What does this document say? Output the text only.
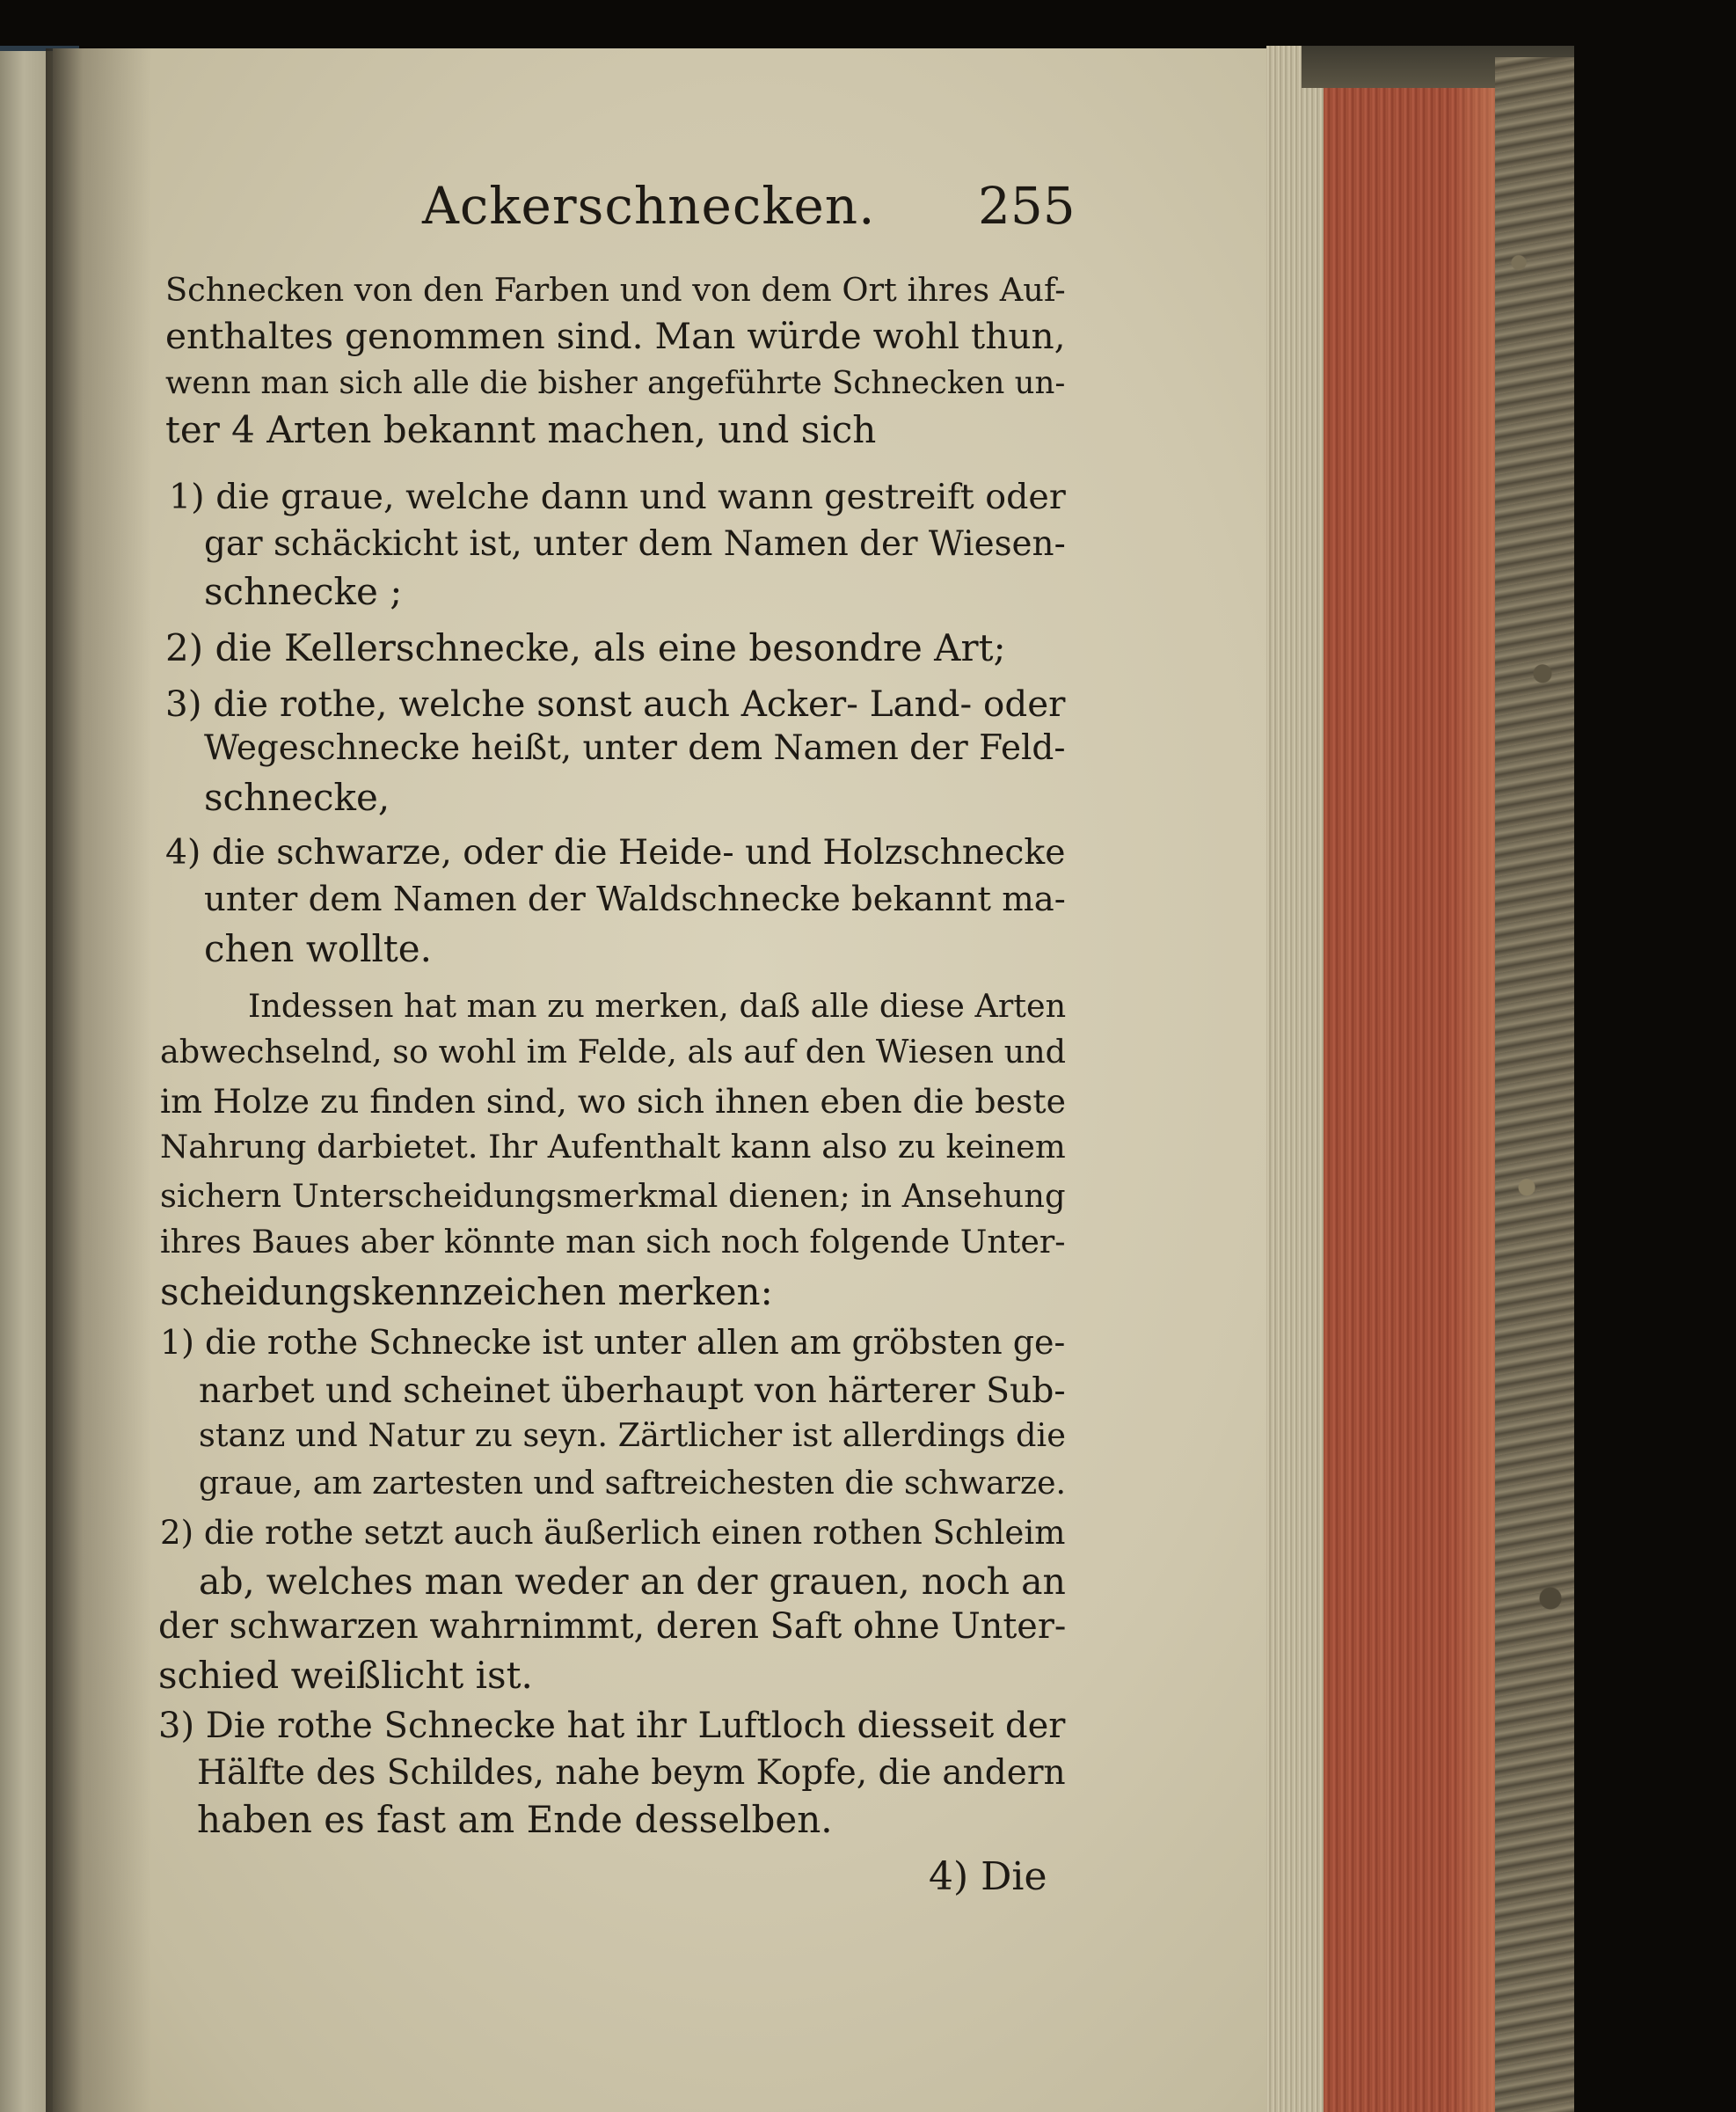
Ackerschnecken. 255
Schnecken von den Farben und von dem Ort ihres Auf-
enthaltes genommen sind. Man würde wohl thun,
wenn man sich alle die bisher angeführte Schnecken un-
ter 4 Arten bekannt machen, und sich
1) die graue, welche dann und wann gestreift oder
gar schäckicht ist, unter dem Namen der Wiesen-
schnecke ;
2) die Kellerschnecke, als eine besondre Art;
3) die rothe, welche sonst auch Acker- Land- oder
Wegeschnecke heißt, unter dem Namen der Feld-
schnecke,
4) die schwarze, oder die Heide- und Holzschnecke
unter dem Namen der Waldschnecke bekannt ma-
chen wollte.
Indessen hat man zu merken, daß alle diese Arten
abwechselnd, so wohl im Felde, als auf den Wiesen und
im Holze zu finden sind, wo sich ihnen eben die beste
Nahrung darbietet. Ihr Aufenthalt kann also zu keinem
sichern Unterscheidungsmerkmal dienen; in Ansehung
ihres Baues aber könnte man sich noch folgende Unter-
scheidungskennzeichen merken:
1) die rothe Schnecke ist unter allen am gröbsten ge-
narbet und scheinet überhaupt von härterer Sub-
stanz und Natur zu seyn. Zärtlicher ist allerdings die
graue, am zartesten und saftreichesten die schwarze.
2) die rothe setzt auch äußerlich einen rothen Schleim
ab, welches man weder an der grauen, noch an
der schwarzen wahrnimmt, deren Saft ohne Unter-
schied weißlicht ist.
3) Die rothe Schnecke hat ihr Luftloch diesseit der
Hälfte des Schildes, nahe beym Kopfe, die andern
haben es fast am Ende desselben.
4) Die
